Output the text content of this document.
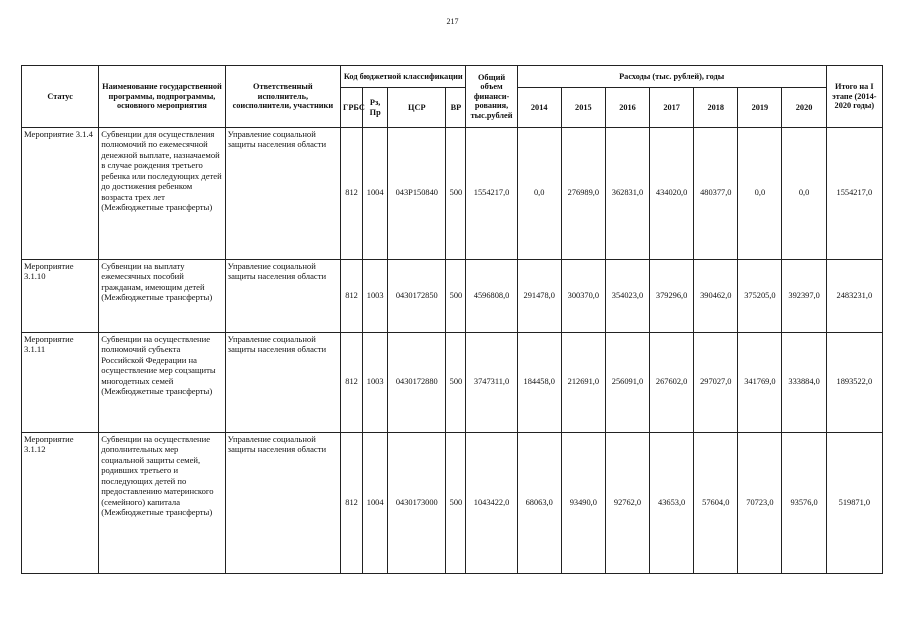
217
Статус	Наименование государственной программы, подпрограммы, основного мероприятия	Ответственный исполнитель, соисполнители, участники	Код бюджетной классификации				Общий объем финанси-рования, тыс.рублей	Расходы (тыс. рублей), годы							Итого на I этапе (2014-2020 годы)
			ГРБС	Рз, Пр	ЦСР	ВР		2014	2015	2016	2017	2018	2019	2020	
Мероприятие 3.1.4	Субвенции для осуществления полномочий по ежемесячной денежной выплате, назначаемой в случае рождения третьего ребенка или последующих детей до достижения ребенком возраста трех лет (Межбюджетные трансферты)	Управление социальной защиты населения области	812	1004	043P150840	500	1554217,0	0,0	276989,0	362831,0	434020,0	480377,0	0,0	0,0	1554217,0
Мероприятие 3.1.10	Субвенции на выплату ежемесячных пособий гражданам, имеющим детей (Межбюджетные трансферты)	Управление социальной защиты населения области	812	1003	0430172850	500	4596808,0	291478,0	300370,0	354023,0	379296,0	390462,0	375205,0	392397,0	2483231,0
Мероприятие 3.1.11	Субвенции на осуществление полномочий субъекта Российской Федерации на осуществление мер соцзащиты многодетных семей (Межбюджетные трансферты)	Управление социальной защиты населения области	812	1003	0430172880	500	3747311,0	184458,0	212691,0	256091,0	267602,0	297027,0	341769,0	333884,0	1893522,0
Мероприятие 3.1.12	Субвенции на осуществление дополнительных мер социальной защиты семей, родивших третьего и последующих детей по предоставлению материнского (семейного) капитала (Межбюджетные трансферты)	Управление социальной защиты населения области	812	1004	0430173000	500	1043422,0	68063,0	93490,0	92762,0	43653,0	57604,0	70723,0	93576,0	519871,0
